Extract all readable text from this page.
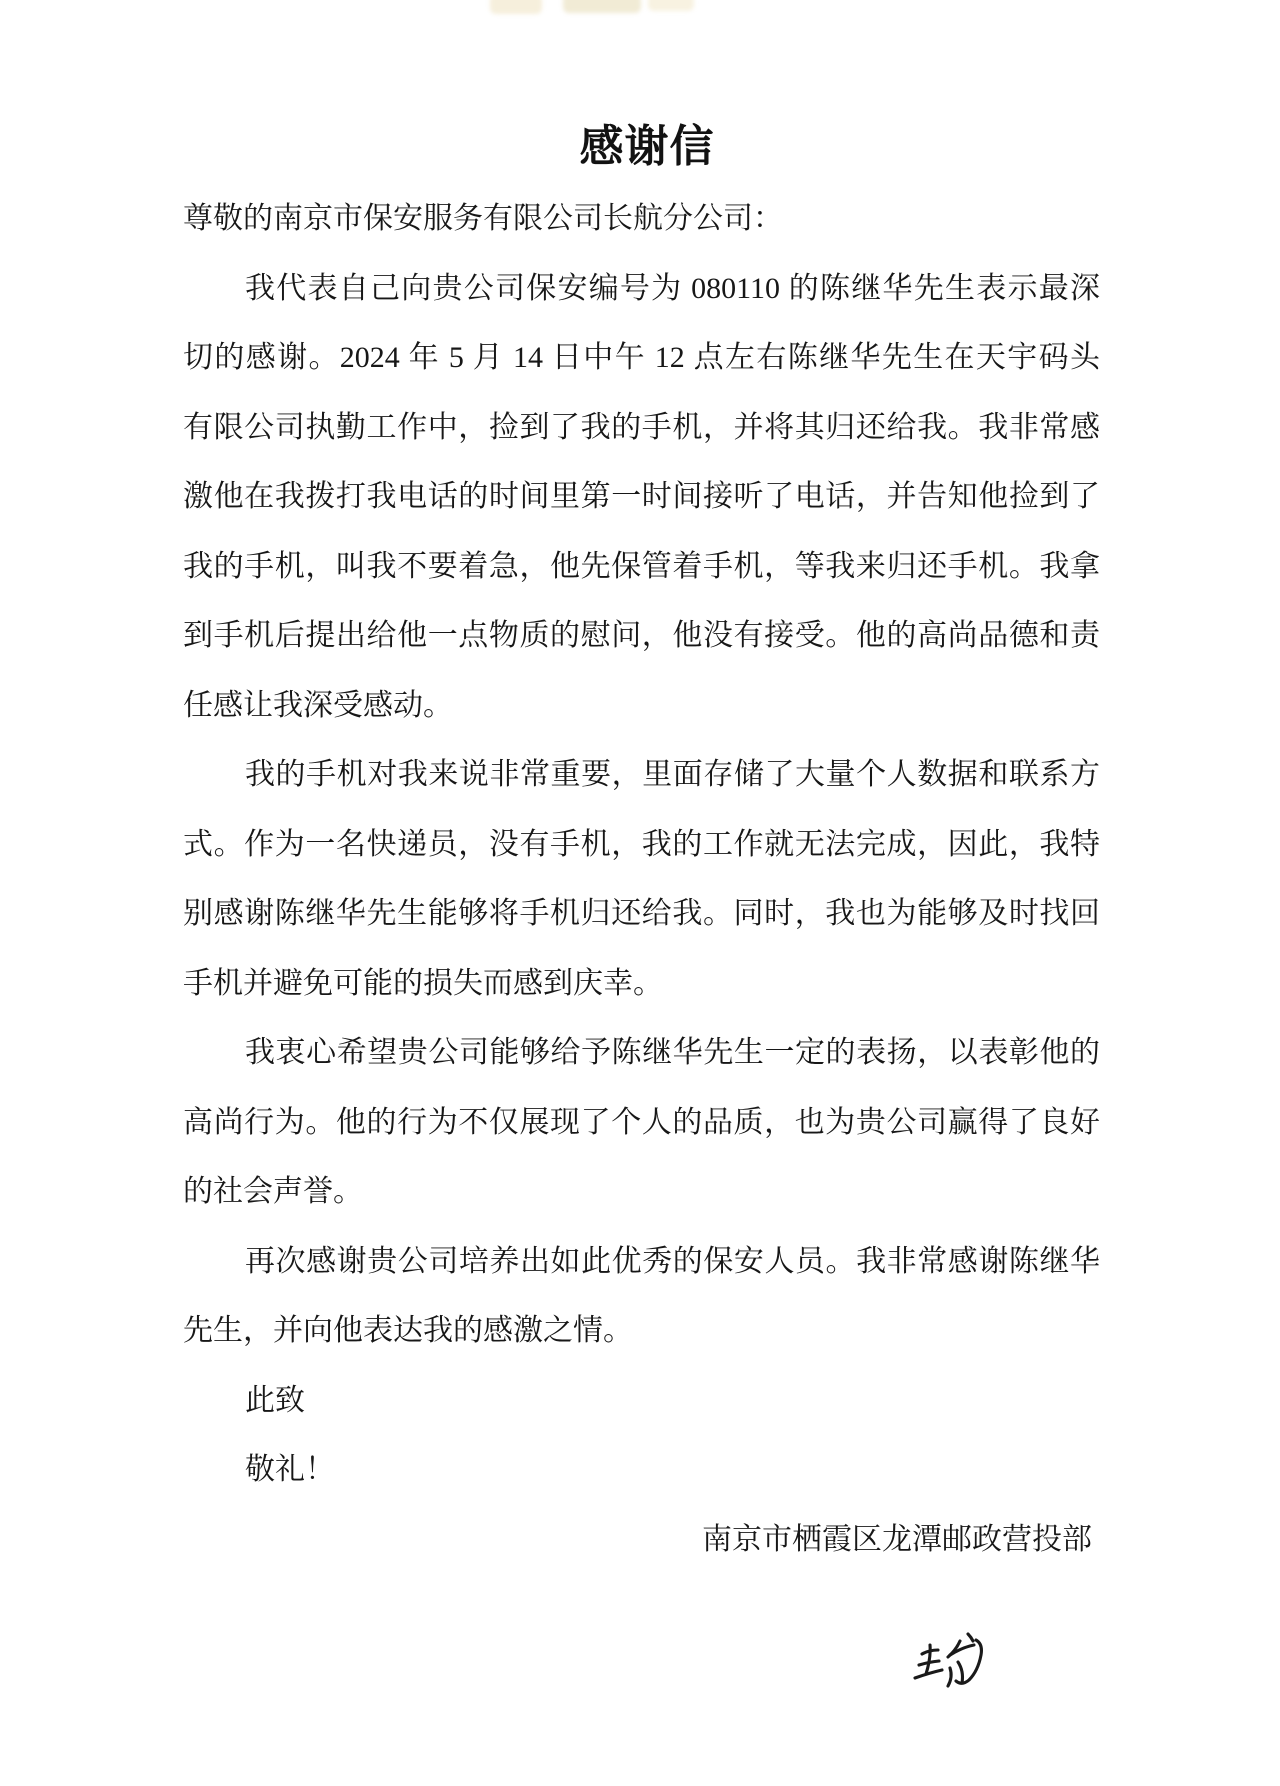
感谢信
尊敬的南京市保安服务有限公司长航分公司：
我代表自己向贵公司保安编号为 080110 的陈继华先生表示最深
切的感谢。2024 年 5 月 14 日中午 12 点左右陈继华先生在天宇码头
有限公司执勤工作中，捡到了我的手机，并将其归还给我。我非常感
激他在我拨打我电话的时间里第一时间接听了电话，并告知他捡到了
我的手机，叫我不要着急，他先保管着手机，等我来归还手机。我拿
到手机后提出给他一点物质的慰问，他没有接受。他的高尚品德和责
任感让我深受感动。
我的手机对我来说非常重要，里面存储了大量个人数据和联系方
式。作为一名快递员，没有手机，我的工作就无法完成，因此，我特
别感谢陈继华先生能够将手机归还给我。同时，我也为能够及时找回
手机并避免可能的损失而感到庆幸。
我衷心希望贵公司能够给予陈继华先生一定的表扬，以表彰他的
高尚行为。他的行为不仅展现了个人的品质，也为贵公司赢得了良好
的社会声誉。
再次感谢贵公司培养出如此优秀的保安人员。我非常感谢陈继华
先生，并向他表达我的感激之情。
此致
敬礼！
南京市栖霞区龙潭邮政营投部
